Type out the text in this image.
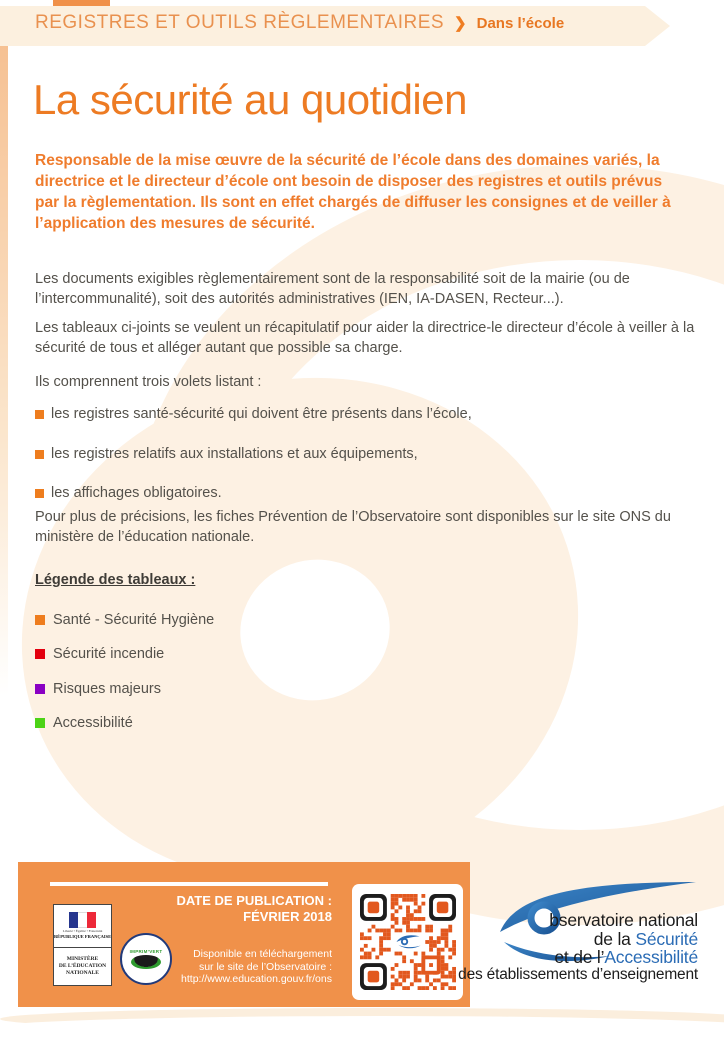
REGISTRES ET OUTILS RÈGLEMENTAIRES ❯ Dans l’école
La sécurité au quotidien
Responsable de la mise œuvre de la sécurité de l’école dans des domaines variés, la directrice et le directeur d’école ont besoin de disposer des registres et outils prévus par la règlementation. Ils sont en effet chargés de diffuser les consignes et de veiller à l’application des mesures de sécurité.
Les documents exigibles règlementairement sont de la responsabilité soit de la mairie (ou de l’intercommunalité), soit des autorités administratives (IEN, IA-DASEN, Recteur...).
Les tableaux ci-joints se veulent un récapitulatif pour aider la directrice-le directeur d’école à veiller à la sécurité de tous et alléger autant que possible sa charge.
Ils comprennent trois volets listant :
les registres santé-sécurité qui doivent être présents dans l’école,
les registres relatifs aux installations et aux équipements,
les affichages obligatoires.
Pour plus de précisions, les fiches Prévention de l’Observatoire sont disponibles sur le site ONS du ministère de l’éducation nationale.
Légende des tableaux :
Santé - Sécurité Hygiène
Sécurité incendie
Risques majeurs
Accessibilité
Liberté • Égalité • Fraternité
RÉPUBLIQUE FRANÇAISE
MINISTÈRE
DE L’ÉDUCATION
NATIONALE
IMPRIM’VERT
DATE DE PUBLICATION :
FÉVRIER 2018
Disponible en téléchargement
sur le site de l’Observatoire :
http://www.education.gouv.fr/ons
bservatoire national
de la Sécurité
et de l’Accessibilité
des établissements d’enseignement
